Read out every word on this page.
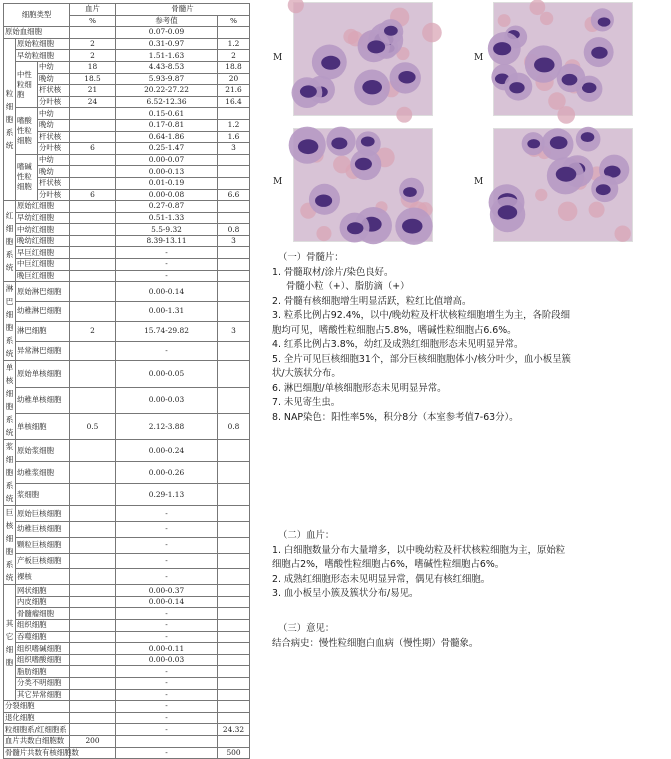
细胞类型			血片	骨髓片	
			%	参考值	%
原始血细胞				0.07-0.09	

粒细胞系统	原始粒细胞		2	0.31-0.97	1.2
	早幼粒细胞		2	1.51-1.63	2
	中性粒细胞	中幼	18	4.43-8.53	18.8
		晚幼	18.5	5.93-9.87	20
		杆状核	21	20.22-27.22	21.6
		分叶核	24	6.52-12.36	16.4
	嗜酸性粒细胞	中幼		0.15-0.61	
		晚幼		0.17-0.81	1.2
		杆状核		0.64-1.86	1.6
		分叶核	6	0.25-1.47	3
	嗜碱性粒细胞	中幼		0.00-0.07	
		晚幼		0.00-0.13	
		杆状核		0.01-0.19	
		分叶核	6	0.00-0.08	6.6

红细胞系统	原始红细胞			0.27-0.87	
	早幼红细胞			0.51-1.33	
	中幼红细胞			5.5-9.32	0.8
	晚幼红细胞			8.39-13.11	3
	早巨红细胞			-	
	中巨红细胞			-	
	晚巨红细胞			-	

淋巴细胞系统	原始淋巴细胞			0.00-0.14	
	幼稚淋巴细胞			0.00-1.31	
	淋巴细胞		2	15.74-29.82	3
	异常淋巴细胞			-	

单核细胞系统	原始单核细胞			0.00-0.05	
	幼稚单核细胞			0.00-0.03	
	单核细胞		0.5	2.12-3.88	0.8

浆细胞系统	原始浆细胞			0.00-0.24	
	幼稚浆细胞			0.00-0.26	
	浆细胞			0.29-1.13	

巨核细胞系统	原始巨核细胞			-	
	幼稚巨核细胞			-	
	颗粒巨核细胞			-	
	产板巨核细胞			-	
	裸核			-	

其它细胞	网状细胞			0.00-0.37	
	内皮细胞			0.00-0.14	
	骨髓瘤细胞			-	
	组织细胞			-	
	吞噬细胞			-	
	组织嗜碱细胞			0.00-0.11	
	组织嗜酸细胞			0.00-0.03	
	脂肪细胞			-	
	分类不明细胞			-	
	其它异常细胞			-	
分裂细胞				-	
退化细胞				-	
粒细胞系/红细胞系				-	24.32
血片共数白细胞数			200		
骨髓片共数有核细胞数				-	500
M	M
M	M
（一）骨髓片：
1. 骨髓取材/涂片/染色良好。
骨髓小粒（+）、脂肪滴（+）
2. 骨髓有核细胞增生明显活跃，粒红比值增高。
3. 粒系比例占92.4%，以中/晚幼粒及杆状核粒细胞增生为主，各阶段细
胞均可见，嗜酸性粒细胞占5.8%，嗜碱性粒细胞占6.6%。
4. 红系比例占3.8%，幼红及成熟红细胞形态未见明显异常。
5. 全片可见巨核细胞31个，部分巨核细胞胞体小/核分叶少，血小板呈簇
状/大簇状分布。
6. 淋巴细胞/单核细胞形态未见明显异常。
7. 未见寄生虫。
8. NAP染色：阳性率5%，积分8分（本室参考值7-63分）。
（二）血片：
1. 白细胞数量分布大量增多，以中晚幼粒及杆状核粒细胞为主，原始粒
细胞占2%，嗜酸性粒细胞占6%，嗜碱性粒细胞占6%。
2. 成熟红细胞形态未见明显异常，偶见有核红细胞。
3. 血小板呈小簇及簇状分布/易见。
（三）意见：
结合病史：慢性粒细胞白血病（慢性期）骨髓象。
